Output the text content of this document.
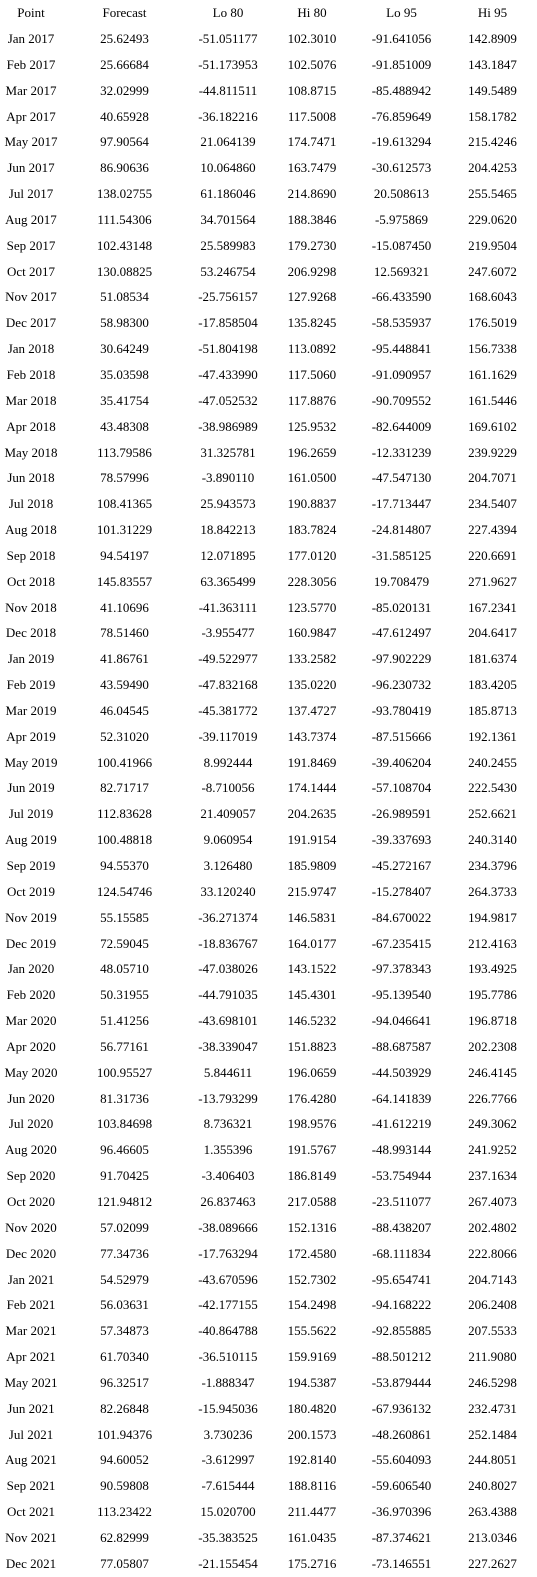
Point	Forecast	Lo 80	Hi 80	Lo 95	Hi 95
Jan 2017	25.62493	-51.051177	102.3010	-91.641056	142.8909
Feb 2017	25.66684	-51.173953	102.5076	-91.851009	143.1847
Mar 2017	32.02999	-44.811511	108.8715	-85.488942	149.5489
Apr 2017	40.65928	-36.182216	117.5008	-76.859649	158.1782
May 2017	97.90564	21.064139	174.7471	-19.613294	215.4246
Jun 2017	86.90636	10.064860	163.7479	-30.612573	204.4253
Jul 2017	138.02755	61.186046	214.8690	20.508613	255.5465
Aug 2017	111.54306	34.701564	188.3846	-5.975869	229.0620
Sep 2017	102.43148	25.589983	179.2730	-15.087450	219.9504
Oct 2017	130.08825	53.246754	206.9298	12.569321	247.6072
Nov 2017	51.08534	-25.756157	127.9268	-66.433590	168.6043
Dec 2017	58.98300	-17.858504	135.8245	-58.535937	176.5019
Jan 2018	30.64249	-51.804198	113.0892	-95.448841	156.7338
Feb 2018	35.03598	-47.433990	117.5060	-91.090957	161.1629
Mar 2018	35.41754	-47.052532	117.8876	-90.709552	161.5446
Apr 2018	43.48308	-38.986989	125.9532	-82.644009	169.6102
May 2018	113.79586	31.325781	196.2659	-12.331239	239.9229
Jun 2018	78.57996	-3.890110	161.0500	-47.547130	204.7071
Jul 2018	108.41365	25.943573	190.8837	-17.713447	234.5407
Aug 2018	101.31229	18.842213	183.7824	-24.814807	227.4394
Sep 2018	94.54197	12.071895	177.0120	-31.585125	220.6691
Oct 2018	145.83557	63.365499	228.3056	19.708479	271.9627
Nov 2018	41.10696	-41.363111	123.5770	-85.020131	167.2341
Dec 2018	78.51460	-3.955477	160.9847	-47.612497	204.6417
Jan 2019	41.86761	-49.522977	133.2582	-97.902229	181.6374
Feb 2019	43.59490	-47.832168	135.0220	-96.230732	183.4205
Mar 2019	46.04545	-45.381772	137.4727	-93.780419	185.8713
Apr 2019	52.31020	-39.117019	143.7374	-87.515666	192.1361
May 2019	100.41966	8.992444	191.8469	-39.406204	240.2455
Jun 2019	82.71717	-8.710056	174.1444	-57.108704	222.5430
Jul 2019	112.83628	21.409057	204.2635	-26.989591	252.6621
Aug 2019	100.48818	9.060954	191.9154	-39.337693	240.3140
Sep 2019	94.55370	3.126480	185.9809	-45.272167	234.3796
Oct 2019	124.54746	33.120240	215.9747	-15.278407	264.3733
Nov 2019	55.15585	-36.271374	146.5831	-84.670022	194.9817
Dec 2019	72.59045	-18.836767	164.0177	-67.235415	212.4163
Jan 2020	48.05710	-47.038026	143.1522	-97.378343	193.4925
Feb 2020	50.31955	-44.791035	145.4301	-95.139540	195.7786
Mar 2020	51.41256	-43.698101	146.5232	-94.046641	196.8718
Apr 2020	56.77161	-38.339047	151.8823	-88.687587	202.2308
May 2020	100.95527	5.844611	196.0659	-44.503929	246.4145
Jun 2020	81.31736	-13.793299	176.4280	-64.141839	226.7766
Jul 2020	103.84698	8.736321	198.9576	-41.612219	249.3062
Aug 2020	96.46605	1.355396	191.5767	-48.993144	241.9252
Sep 2020	91.70425	-3.406403	186.8149	-53.754944	237.1634
Oct 2020	121.94812	26.837463	217.0588	-23.511077	267.4073
Nov 2020	57.02099	-38.089666	152.1316	-88.438207	202.4802
Dec 2020	77.34736	-17.763294	172.4580	-68.111834	222.8066
Jan 2021	54.52979	-43.670596	152.7302	-95.654741	204.7143
Feb 2021	56.03631	-42.177155	154.2498	-94.168222	206.2408
Mar 2021	57.34873	-40.864788	155.5622	-92.855885	207.5533
Apr 2021	61.70340	-36.510115	159.9169	-88.501212	211.9080
May 2021	96.32517	-1.888347	194.5387	-53.879444	246.5298
Jun 2021	82.26848	-15.945036	180.4820	-67.936132	232.4731
Jul 2021	101.94376	3.730236	200.1573	-48.260861	252.1484
Aug 2021	94.60052	-3.612997	192.8140	-55.604093	244.8051
Sep 2021	90.59808	-7.615444	188.8116	-59.606540	240.8027
Oct 2021	113.23422	15.020700	211.4477	-36.970396	263.4388
Nov 2021	62.82999	-35.383525	161.0435	-87.374621	213.0346
Dec 2021	77.05807	-21.155454	175.2716	-73.146551	227.2627
